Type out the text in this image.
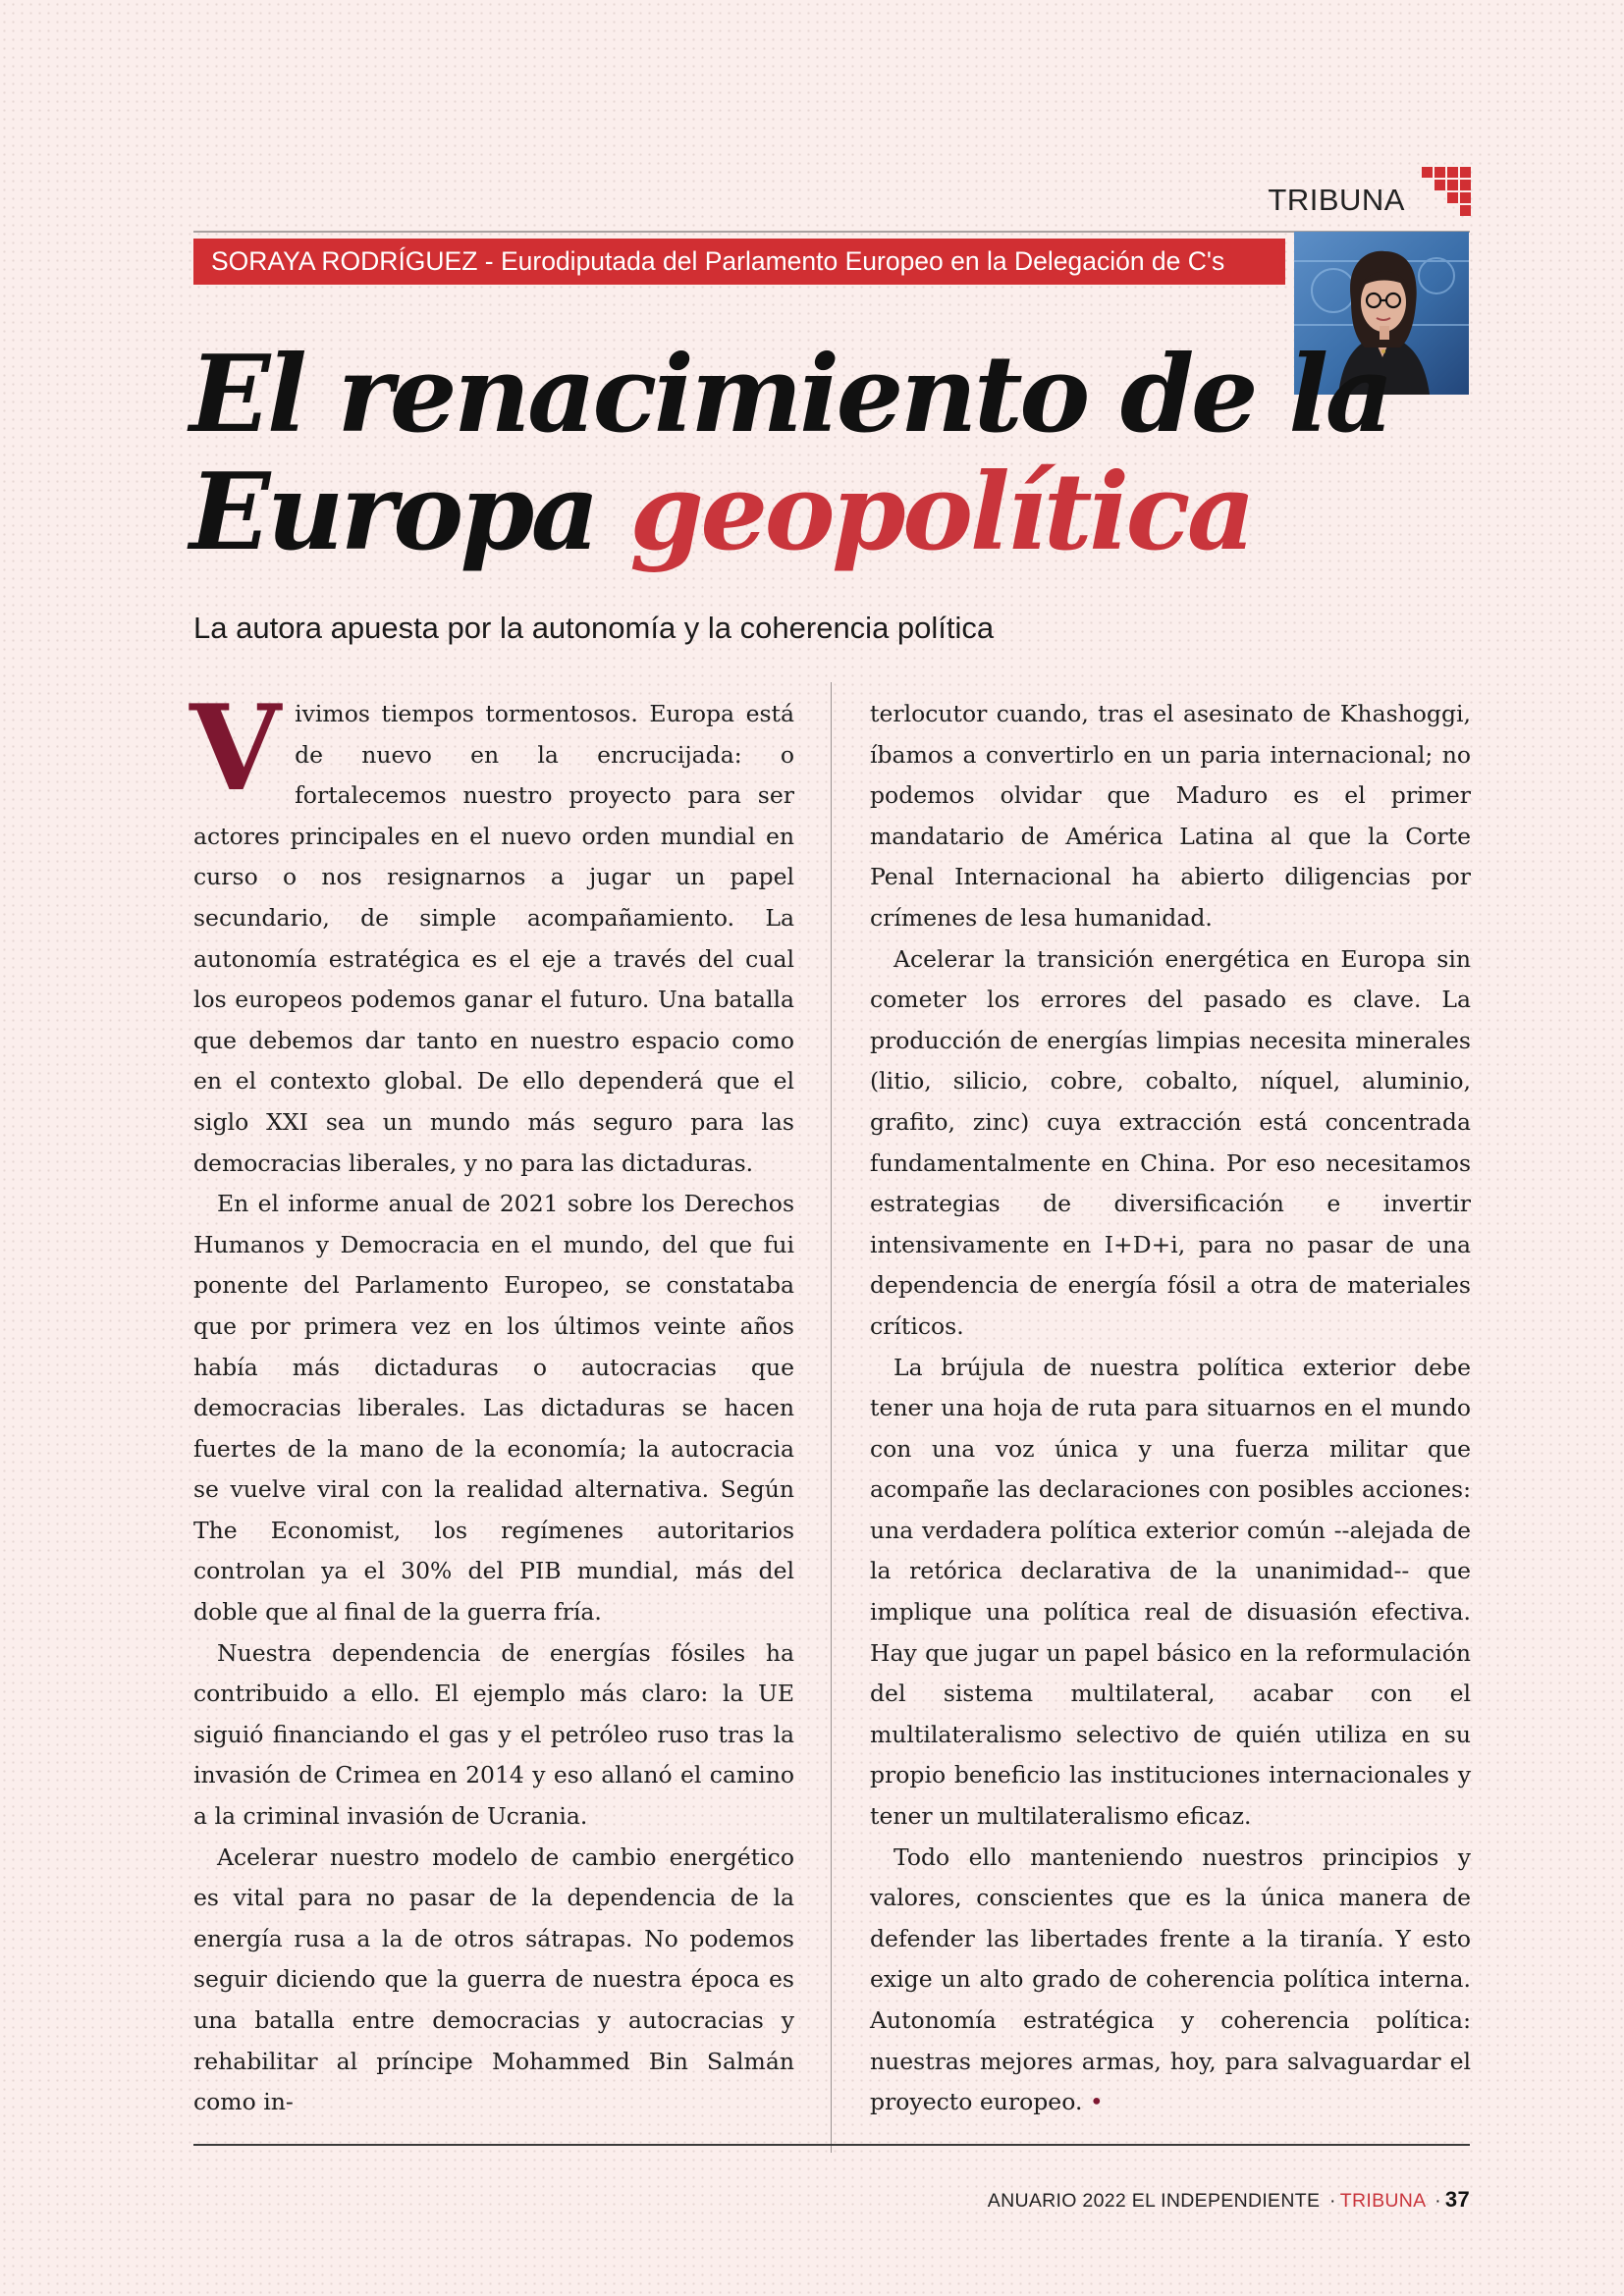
TRIBUNA
SORAYA RODRÍGUEZ - Eurodiputada del Parlamento Europeo en la Delegación de C's
El renacimiento de la
Europa geopolítica
La autora apuesta por la autonomía y la coherencia política

Vivimos tiempos tormentosos. Europa está de nuevo en la encrucijada: o fortalecemos nuestro proyecto para ser actores principales en el nuevo orden mundial en curso o nos resignarnos a jugar un papel secundario, de simple acompañamiento. La autonomía estratégica es el eje a través del cual los europeos podemos ganar el futuro. Una batalla que debemos dar tanto en nuestro espacio como en el contexto global. De ello dependerá que el siglo XXI sea un mundo más seguro para las democracias liberales, y no para las dictaduras.

En el informe anual de 2021 sobre los Derechos Humanos y Democracia en el mundo, del que fui ponente del Parlamento Europeo, se constataba que por primera vez en los últimos veinte años había más dictaduras o autocracias que democracias liberales. Las dictaduras se hacen fuertes de la mano de la economía; la autocracia se vuelve viral con la realidad alternativa. Según The Economist, los regímenes autoritarios controlan ya el 30% del PIB mundial, más del doble que al final de la guerra fría.

Nuestra dependencia de energías fósiles ha contribuido a ello. El ejemplo más claro: la UE siguió financiando el gas y el petróleo ruso tras la invasión de Crimea en 2014 y eso allanó el camino a la criminal invasión de Ucrania.

Acelerar nuestro modelo de cambio energético es vital para no pasar de la dependencia de la energía rusa a la de otros sátrapas. No podemos seguir diciendo que la guerra de nuestra época es una batalla entre democracias y autocracias y rehabilitar al príncipe Mohammed Bin Salmán como in-

terlocutor cuando, tras el asesinato de Khashoggi, íbamos a convertirlo en un paria internacional; no podemos olvidar que Maduro es el primer mandatario de América Latina al que la Corte Penal Internacional ha abierto diligencias por crímenes de lesa humanidad.

Acelerar la transición energética en Europa sin cometer los errores del pasado es clave. La producción de energías limpias necesita minerales (litio, silicio, cobre, cobalto, níquel, aluminio, grafito, zinc) cuya extracción está concentrada fundamentalmente en China. Por eso necesitamos estrategias de diversificación e invertir intensivamente en I+D+i, para no pasar de una dependencia de energía fósil a otra de materiales críticos.

La brújula de nuestra política exterior debe tener una hoja de ruta para situarnos en el mundo con una voz única y una fuerza militar que acompañe las declaraciones con posibles acciones: una verdadera política exterior común --alejada de la retórica declarativa de la unanimidad-- que implique una política real de disuasión efectiva. Hay que jugar un papel básico en la reformulación del sistema multilateral, acabar con el multilateralismo selectivo de quién utiliza en su propio beneficio las instituciones internacionales y tener un multilateralismo eficaz.

Todo ello manteniendo nuestros principios y valores, conscientes que es la única manera de defender las libertades frente a la tiranía. Y esto exige un alto grado de coherencia política interna. Autonomía estratégica y coherencia política: nuestras mejores armas, hoy, para salvaguardar el proyecto europeo. •

ANUARIO 2022 EL INDEPENDIENTE · TRIBUNA · 37
